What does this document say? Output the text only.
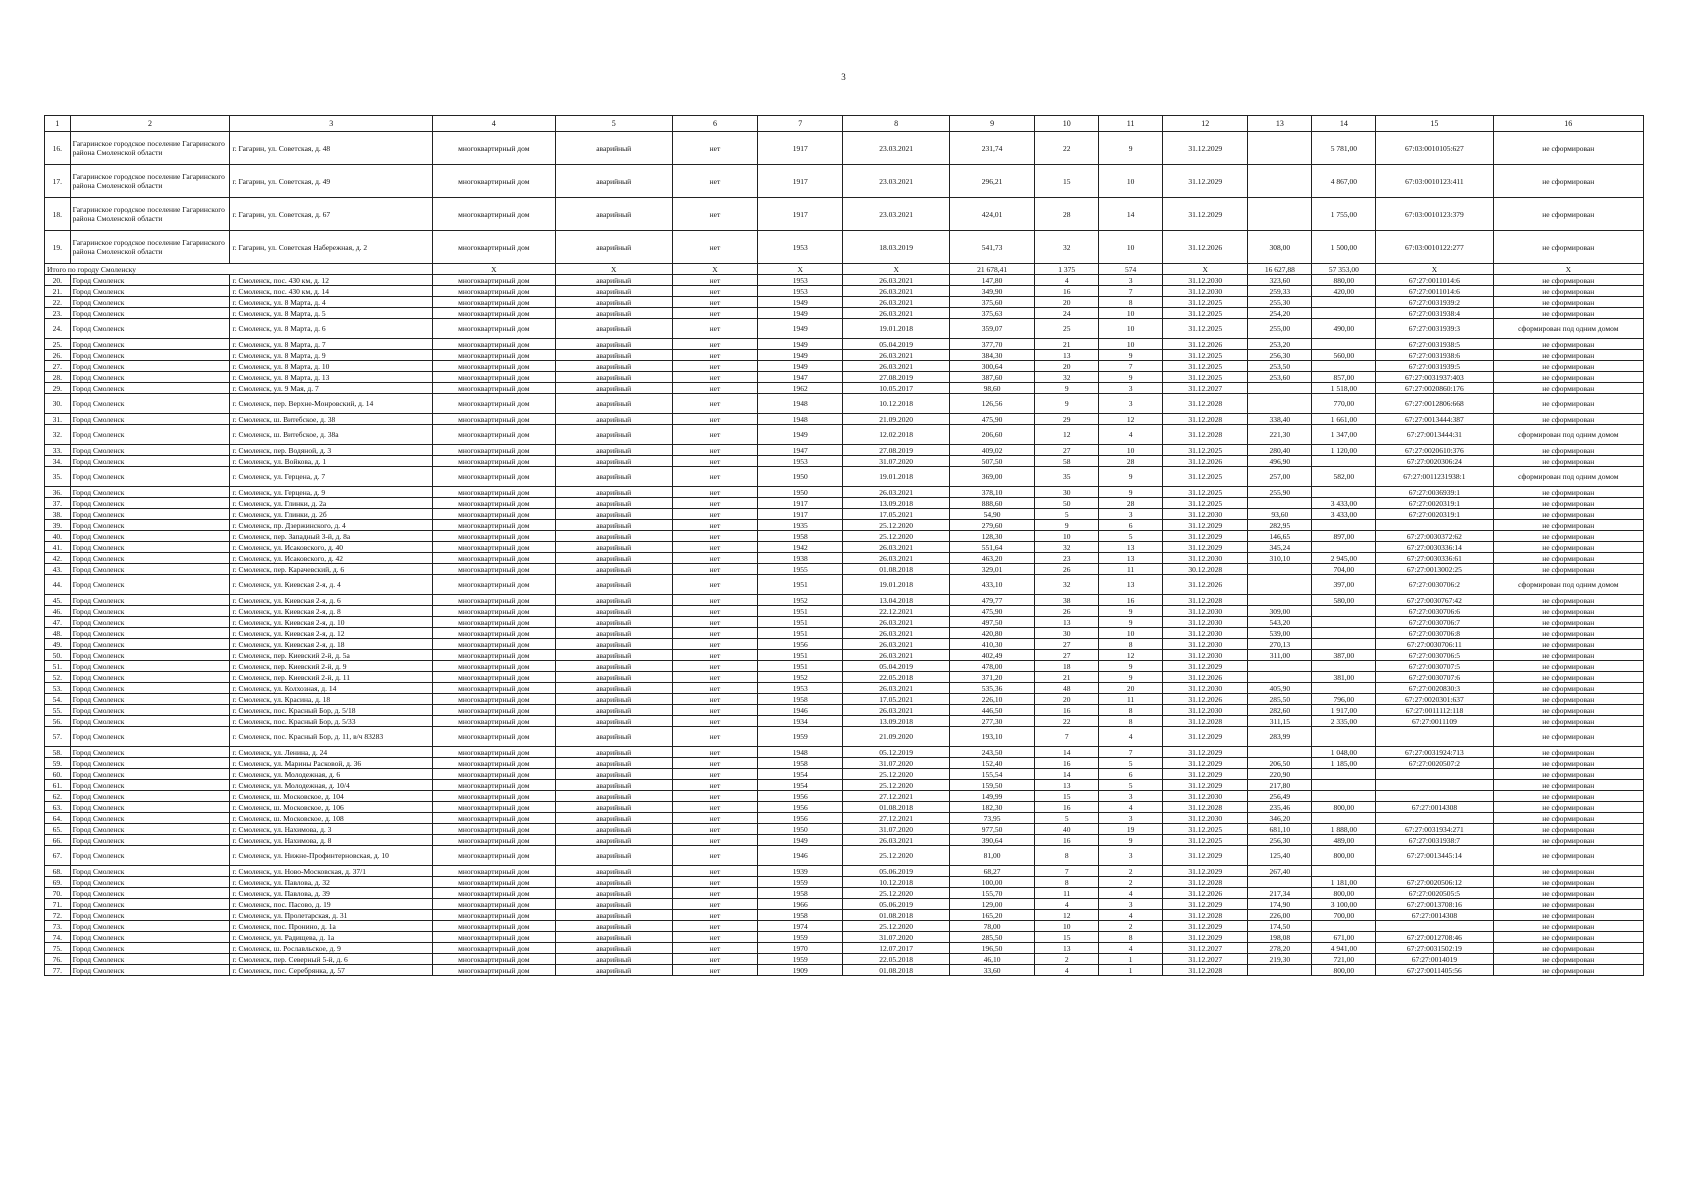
3
1	2	3	4	5	6	7	8	9	10	11	12	13	14	15	16
16.	Гагаринское городское поселение Гагаринского района Смоленской области	г. Гагарин, ул. Советская, д. 48	многоквартирный дом	аварийный	нет	1917	23.03.2021	231,74	22	9	31.12.2029		5 781,00	67:03:0010105:627	не сформирован
17.	Гагаринское городское поселение Гагаринского района Смоленской области	г. Гагарин, ул. Советская, д. 49	многоквартирный дом	аварийный	нет	1917	23.03.2021	296,21	15	10	31.12.2029		4 867,00	67:03:0010123:411	не сформирован
18.	Гагаринское городское поселение Гагаринского района Смоленской области	г. Гагарин, ул. Советская, д. 67	многоквартирный дом	аварийный	нет	1917	23.03.2021	424,01	28	14	31.12.2029		1 755,00	67:03:0010123:379	не сформирован
19.	Гагаринское городское поселение Гагаринского района Смоленской области	г. Гагарин, ул. Советская Набережная, д. 2	многоквартирный дом	аварийный	нет	1953	18.03.2019	541,73	32	10	31.12.2026	308,00	1 500,00	67:03:0010122:277	не сформирован
Итого по городу Смоленску			X	X	X	X	X	21 678,41	1 375	574	X	16 627,88	57 353,00	X	X
20.	Город Смоленск	г. Смоленск, пос. 430 км, д. 12	многоквартирный дом	аварийный	нет	1953	26.03.2021	147,80	4	3	31.12.2030	323,60	880,00	67:27:0011014:6	не сформирован
21.	Город Смоленск	г. Смоленск, пос. 430 км, д. 14	многоквартирный дом	аварийный	нет	1953	26.03.2021	349,90	16	7	31.12.2030	259,33	420,00	67:27:0011014:6	не сформирован
22.	Город Смоленск	г. Смоленск, ул. 8 Марта, д. 4	многоквартирный дом	аварийный	нет	1949	26.03.2021	375,60	20	8	31.12.2025	255,30		67:27:0031939:2	не сформирован
23.	Город Смоленск	г. Смоленск, ул. 8 Марта, д. 5	многоквартирный дом	аварийный	нет	1949	26.03.2021	375,63	24	10	31.12.2025	254,20		67:27:0031938:4	не сформирован
24.	Город Смоленск	г. Смоленск, ул. 8 Марта, д. 6	многоквартирный дом	аварийный	нет	1949	19.01.2018	359,07	25	10	31.12.2025	255,00	490,00	67:27:0031939:3	сформирован под одним домом
25.	Город Смоленск	г. Смоленск, ул. 8 Марта, д. 7	многоквартирный дом	аварийный	нет	1949	05.04.2019	377,70	21	10	31.12.2026	253,20		67:27:0031938:5	не сформирован
26.	Город Смоленск	г. Смоленск, ул. 8 Марта, д. 9	многоквартирный дом	аварийный	нет	1949	26.03.2021	384,30	13	9	31.12.2025	256,30	560,00	67:27:0031938:6	не сформирован
27.	Город Смоленск	г. Смоленск, ул. 8 Марта, д. 10	многоквартирный дом	аварийный	нет	1949	26.03.2021	300,64	20	7	31.12.2025	253,50		67:27:0031939:5	не сформирован
28.	Город Смоленск	г. Смоленск, ул. 8 Марта, д. 13	многоквартирный дом	аварийный	нет	1947	27.08.2019	387,60	32	9	31.12.2025	253,60	857,00	67:27:0031937:403	не сформирован
29.	Город Смоленск	г. Смоленск, ул. 9 Мая, д. 7	многоквартирный дом	аварийный	нет	1962	10.05.2017	98,60	9	3	31.12.2027		1 518,00	67:27:0020860:176	не сформирован
30.	Город Смоленск	г. Смоленск, пер. Верхне-Монровский, д. 14	многоквартирный дом	аварийный	нет	1948	10.12.2018	126,56	9	3	31.12.2028		770,00	67:27:0012806:668	не сформирован
31.	Город Смоленск	г. Смоленск, ш. Витебское, д. 38	многоквартирный дом	аварийный	нет	1948	21.09.2020	475,90	29	12	31.12.2028	338,40	1 661,00	67:27:0013444:387	не сформирован
32.	Город Смоленск	г. Смоленск, ш. Витебское, д. 38а	многоквартирный дом	аварийный	нет	1949	12.02.2018	206,60	12	4	31.12.2028	221,30	1 347,00	67:27:0013444:31	сформирован под одним домом
33.	Город Смоленск	г. Смоленск, пер. Водяной, д. 3	многоквартирный дом	аварийный	нет	1947	27.08.2019	409,02	27	10	31.12.2025	280,40	1 120,00	67:27:0020610:376	не сформирован
34.	Город Смоленск	г. Смоленск, ул. Войкова, д. 1	многоквартирный дом	аварийный	нет	1953	31.07.2020	507,50	58	28	31.12.2026	496,90		67:27:0020306:24	не сформирован
35.	Город Смоленск	г. Смоленск, ул. Герцена, д. 7	многоквартирный дом	аварийный	нет	1950	19.01.2018	369,00	35	9	31.12.2025	257,00	582,00	67:27:0011231938:1	сформирован под одним домом
36.	Город Смоленск	г. Смоленск, ул. Герцена, д. 9	многоквартирный дом	аварийный	нет	1950	26.03.2021	378,10	30	9	31.12.2025	255,90		67:27:0036939:1	не сформирован
37.	Город Смоленск	г. Смоленск, ул. Глинки, д. 2а	многоквартирный дом	аварийный	нет	1917	13.09.2018	888,60	50	28	31.12.2025		3 433,00	67:27:0020319:1	не сформирован
38.	Город Смоленск	г. Смоленск, ул. Глинки, д. 2б	многоквартирный дом	аварийный	нет	1917	17.05.2021	54,90	5	3	31.12.2030	93,60	3 433,00	67:27:0020319:1	не сформирован
39.	Город Смоленск	г. Смоленск, пр. Дзержинского, д. 4	многоквартирный дом	аварийный	нет	1935	25.12.2020	279,60	9	6	31.12.2029	282,95			не сформирован
40.	Город Смоленск	г. Смоленск, пер. Западный 3-й, д. 8а	многоквартирный дом	аварийный	нет	1958	25.12.2020	128,30	10	5	31.12.2029	146,65	897,00	67:27:0030372:62	не сформирован
41.	Город Смоленск	г. Смоленск, ул. Исаковского, д. 40	многоквартирный дом	аварийный	нет	1942	26.03.2021	551,64	32	13	31.12.2029	345,24		67:27:0030336:14	не сформирован
42.	Город Смоленск	г. Смоленск, ул. Исаковского, д. 42	многоквартирный дом	аварийный	нет	1938	26.03.2021	463,20	23	13	31.12.2030	310,10	2 945,00	67:27:0030336:61	не сформирован
43.	Город Смоленск	г. Смоленск, пер. Карачевский, д. 6	многоквартирный дом	аварийный	нет	1955	01.08.2018	329,01	26	11	30.12.2028		704,00	67:27:0013002:25	не сформирован
44.	Город Смоленск	г. Смоленск, ул. Киевская 2-я, д. 4	многоквартирный дом	аварийный	нет	1951	19.01.2018	433,10	32	13	31.12.2026		397,00	67:27:0030706:2	сформирован под одним домом
45.	Город Смоленск	г. Смоленск, ул. Киевская 2-я, д. 6	многоквартирный дом	аварийный	нет	1952	13.04.2018	479,77	38	16	31.12.2028		580,00	67:27:0030767:42	не сформирован
46.	Город Смоленск	г. Смоленск, ул. Киевская 2-я, д. 8	многоквартирный дом	аварийный	нет	1951	22.12.2021	475,90	26	9	31.12.2030	309,00		67:27:0030706:6	не сформирован
47.	Город Смоленск	г. Смоленск, ул. Киевская 2-я, д. 10	многоквартирный дом	аварийный	нет	1951	26.03.2021	497,50	13	9	31.12.2030	543,20		67:27:0030706:7	не сформирован
48.	Город Смоленск	г. Смоленск, ул. Киевская 2-я, д. 12	многоквартирный дом	аварийный	нет	1951	26.03.2021	420,80	30	10	31.12.2030	539,00		67:27:0030706:8	не сформирован
49.	Город Смоленск	г. Смоленск, ул. Киевская 2-я, д. 18	многоквартирный дом	аварийный	нет	1956	26.03.2021	410,30	27	8	31.12.2030	270,13		67:27:0030706:11	не сформирован
50.	Город Смоленск	г. Смоленск, пер. Киевский 2-й, д. 5а	многоквартирный дом	аварийный	нет	1951	26.03.2021	402,49	27	12	31.12.2030	311,00	387,00	67:27:0030706:5	не сформирован
51.	Город Смоленск	г. Смоленск, пер. Киевский 2-й, д. 9	многоквартирный дом	аварийный	нет	1951	05.04.2019	478,00	18	9	31.12.2029			67:27:0030707:5	не сформирован
52.	Город Смоленск	г. Смоленск, пер. Киевский 2-й, д. 11	многоквартирный дом	аварийный	нет	1952	22.05.2018	371,20	21	9	31.12.2026		381,00	67:27:0030707:6	не сформирован
53.	Город Смоленск	г. Смоленск, ул. Колхозная, д. 14	многоквартирный дом	аварийный	нет	1953	26.03.2021	535,36	48	20	31.12.2030	405,90		67:27:0020830:3	не сформирован
54.	Город Смоленск	г. Смоленск, ул. Красина, д. 18	многоквартирный дом	аварийный	нет	1958	17.05.2021	226,10	20	11	31.12.2026	285,50	796,00	67:27:0020301:637	не сформирован
55.	Город Смоленск	г. Смоленск, пос. Красный Бор, д. 5/18	многоквартирный дом	аварийный	нет	1946	26.03.2021	446,50	16	8	31.12.2030	282,60	1 917,00	67:27:0011112:118	не сформирован
56.	Город Смоленск	г. Смоленск, пос. Красный Бор, д. 5/33	многоквартирный дом	аварийный	нет	1934	13.09.2018	277,30	22	8	31.12.2028	311,15	2 335,00	67:27:0011109	не сформирован
57.	Город Смоленск	г. Смоленск, пос. Красный Бор, д. 11, в/ч 83283	многоквартирный дом	аварийный	нет	1959	21.09.2020	193,10	7	4	31.12.2029	283,99			не сформирован
58.	Город Смоленск	г. Смоленск, ул. Ленина, д. 24	многоквартирный дом	аварийный	нет	1948	05.12.2019	243,50	14	7	31.12.2029		1 048,00	67:27:0031924:713	не сформирован
59.	Город Смоленск	г. Смоленск, ул. Марины Расковой, д. 36	многоквартирный дом	аварийный	нет	1958	31.07.2020	152,40	16	5	31.12.2029	206,50	1 185,00	67:27:0020507:2	не сформирован
60.	Город Смоленск	г. Смоленск, ул. Молодежная, д. 6	многоквартирный дом	аварийный	нет	1954	25.12.2020	155,54	14	6	31.12.2029	220,90			не сформирован
61.	Город Смоленск	г. Смоленск, ул. Молодежная, д. 10/4	многоквартирный дом	аварийный	нет	1954	25.12.2020	159,50	13	5	31.12.2029	217,80			не сформирован
62.	Город Смоленск	г. Смоленск, ш. Московское, д. 104	многоквартирный дом	аварийный	нет	1956	27.12.2021	149,99	15	3	31.12.2030	256,49			не сформирован
63.	Город Смоленск	г. Смоленск, ш. Московское, д. 106	многоквартирный дом	аварийный	нет	1956	01.08.2018	182,30	16	4	31.12.2028	235,46	800,00	67:27:0014308	не сформирован
64.	Город Смоленск	г. Смоленск, ш. Московское, д. 108	многоквартирный дом	аварийный	нет	1956	27.12.2021	73,95	5	3	31.12.2030	346,20			не сформирован
65.	Город Смоленск	г. Смоленск, ул. Нахимова, д. 3	многоквартирный дом	аварийный	нет	1950	31.07.2020	977,50	40	19	31.12.2025	681,10	1 888,00	67:27:0031934:271	не сформирован
66.	Город Смоленск	г. Смоленск, ул. Нахимова, д. 8	многоквартирный дом	аварийный	нет	1949	26.03.2021	390,64	16	9	31.12.2025	256,30	489,00	67:27:0031938:7	не сформирован
67.	Город Смоленск	г. Смоленск, ул. Нижне-Профинтерновская, д. 10	многоквартирный дом	аварийный	нет	1946	25.12.2020	81,00	8	3	31.12.2029	125,40	800,00	67:27:0013445:14	не сформирован
68.	Город Смоленск	г. Смоленск, ул. Ново-Московская, д. 37/1	многоквартирный дом	аварийный	нет	1939	05.06.2019	68,27	7	2	31.12.2029	267,40			не сформирован
69.	Город Смоленск	г. Смоленск, ул. Павлова, д. 32	многоквартирный дом	аварийный	нет	1959	10.12.2018	100,00	8	2	31.12.2028		1 181,00	67:27:0020506:12	не сформирован
70.	Город Смоленск	г. Смоленск, ул. Павлова, д. 39	многоквартирный дом	аварийный	нет	1958	25.12.2020	155,70	11	4	31.12.2026	217,34	800,00	67:27:0020505:5	не сформирован
71.	Город Смоленск	г. Смоленск, пос. Пасово, д. 19	многоквартирный дом	аварийный	нет	1966	05.06.2019	129,00	4	3	31.12.2029	174,90	3 100,00	67:27:0013708:16	не сформирован
72.	Город Смоленск	г. Смоленск, ул. Пролетарская, д. 31	многоквартирный дом	аварийный	нет	1958	01.08.2018	165,20	12	4	31.12.2028	226,00	700,00	67:27:0014308	не сформирован
73.	Город Смоленск	г. Смоленск, пос. Пронино, д. 1а	многоквартирный дом	аварийный	нет	1974	25.12.2020	78,00	10	2	31.12.2029	174,50			не сформирован
74.	Город Смоленск	г. Смоленск, ул. Радищева, д. 1а	многоквартирный дом	аварийный	нет	1959	31.07.2020	285,50	15	8	31.12.2029	198,08	671,00	67:27:0012708:46	не сформирован
75.	Город Смоленск	г. Смоленск, ш. Рославльское, д. 9	многоквартирный дом	аварийный	нет	1970	12.07.2017	196,50	13	4	31.12.2027	278,20	4 941,00	67:27:0031502:19	не сформирован
76.	Город Смоленск	г. Смоленск, пер. Северный 5-й, д. 6	многоквартирный дом	аварийный	нет	1959	22.05.2018	46,10	2	1	31.12.2027	219,30	721,00	67:27:0014019	не сформирован
77.	Город Смоленск	г. Смоленск, пос. Серебрянка, д. 57	многоквартирный дом	аварийный	нет	1909	01.08.2018	33,60	4	1	31.12.2028		800,00	67:27:0011405:56	не сформирован
